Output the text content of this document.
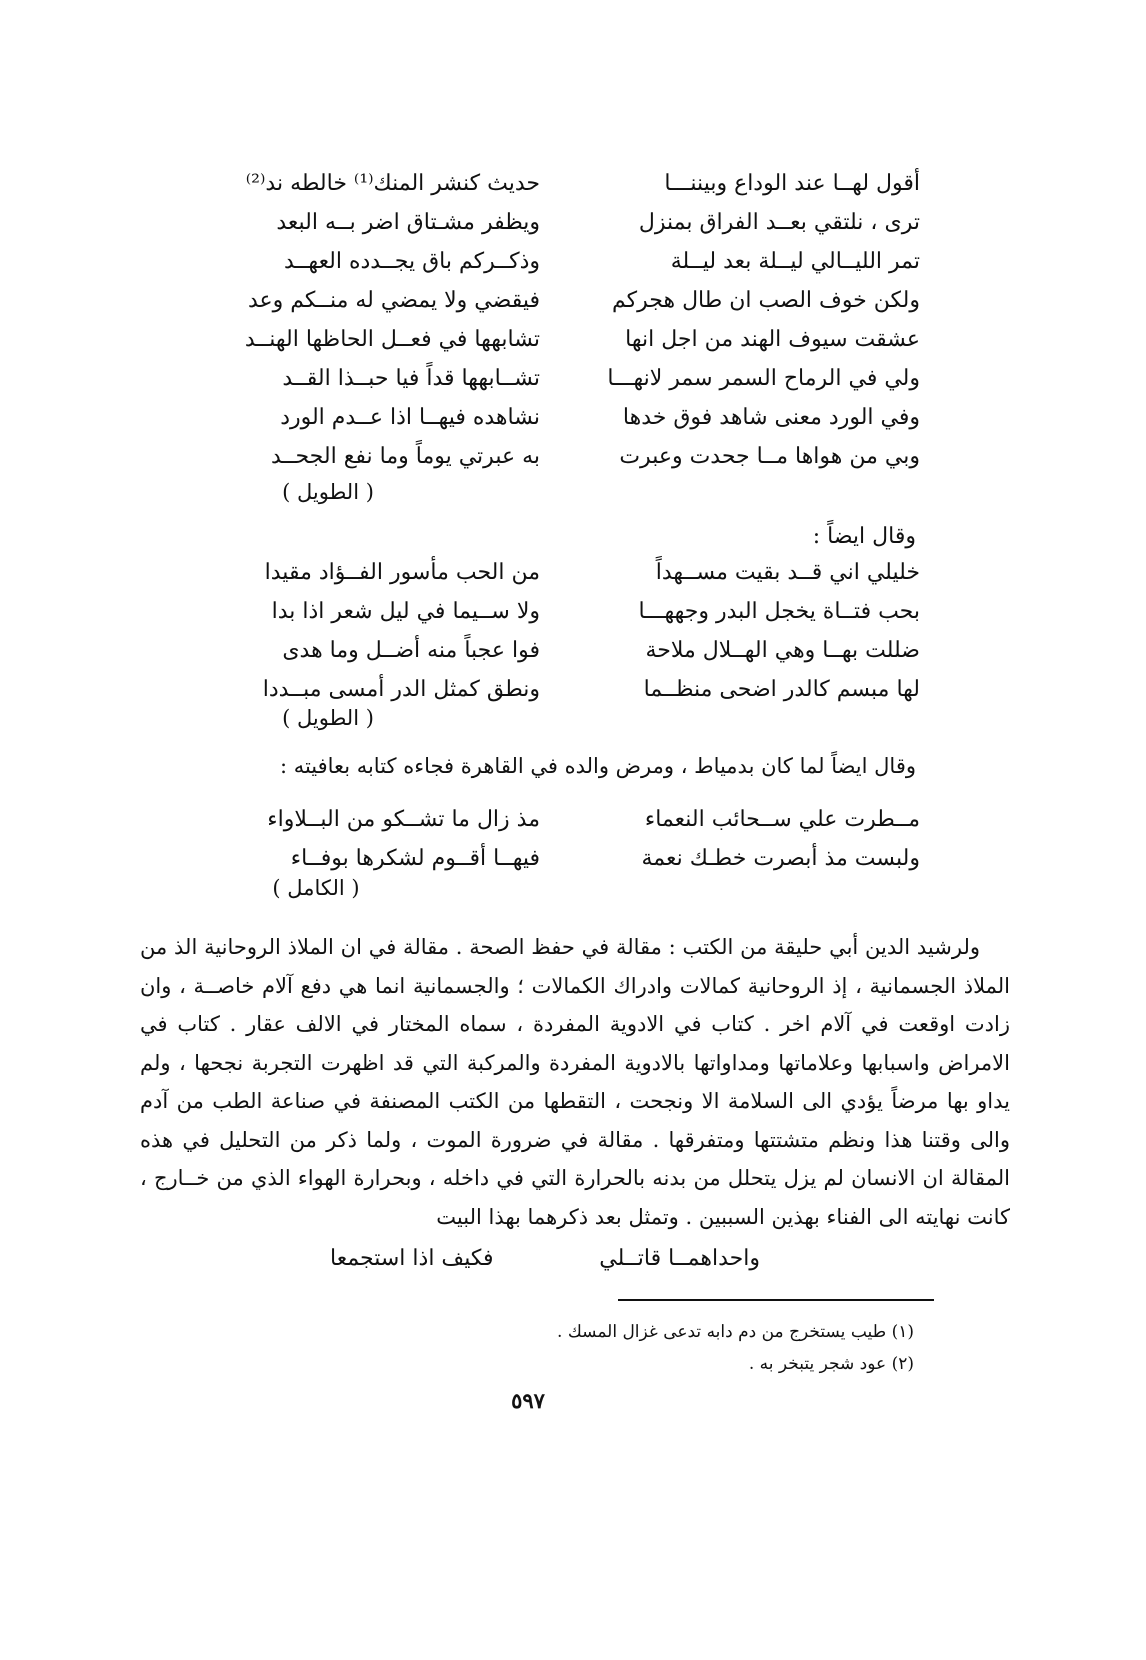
أقول لهــا عند الوداع وبيننـــا
حديث كنشر المنك⁽¹⁾ خالطه ند⁽²⁾
ترى ، نلتقي بعــد الفراق بمنزل
ويظفر مشـتاق اضر بــه البعد
تمر الليــالي ليــلة بعد ليــلة
وذكــركم باق يجــدده العهــد
ولكن خوف الصب ان طال هجركم
فيقضي ولا يمضي له منــكم وعد
عشقت سيوف الهند من اجل انها
تشابهها في فعــل الحاظها الهنــد
ولي في الرماح السمر سمر لانهـــا
تشــابهها قداً فيا حبــذا القــد
وفي الورد معنى شاهد فوق خدها
نشاهده فيهــا اذا عــدم الورد
وبي من هواها مــا جحدت وعبرت
به عبرتي يوماً وما نفع الجحــد
( الطويل )
وقال ايضاً :
خليلي اني قــد بقيت مســهداً
من الحب مأسور الفــؤاد مقيدا
بحب فتــاة يخجل البدر وجههـــا
ولا ســيما في ليل شعر اذا بدا
ضللت بهــا وهي الهــلال ملاحة
فوا عجباً منه أضــل وما هدى
لها مبسم كالدر اضحى منظــما
ونطق كمثل الدر أمسى مبــددا
( الطويل )
وقال ايضاً لما كان بدمياط ، ومرض والده في القاهرة فجاءه كتابه بعافيته :
مــطرت علي ســحائب النعماء
مذ زال ما تشــكو من البــلاواء
ولبست مذ أبصرت خطـك نعمة
فيهــا أقــوم لشكرها بوفــاء
( الكامل )

ولرشيد الدين أبي حليقة من الكتب : مقالة في حفظ الصحة . مقالة في ان الملاذ الروحانية الذ من الملاذ الجسمانية ، إذ الروحانية كمالات وادراك الكمالات ؛ والجسمانية انما هي دفع آلام خاصــة ، وان زادت اوقعت في آلام اخر . كتاب في الادوية المفردة ، سماه المختار في الالف عقار . كتاب في الامراض واسبابها وعلاماتها ومداواتها بالادوية المفردة والمركبة التي قد اظهرت التجربة نجحها ، ولم يداو بها مرضاً يؤدي الى السلامة الا ونجحت ، التقطها من الكتب المصنفة في صناعة الطب من آدم والى وقتنا هذا ونظم متشتتها ومتفرقها . مقالة في ضرورة الموت ، ولما ذكر من التحليل في هذه المقالة ان الانسان لم يزل يتحلل من بدنه بالحرارة التي في داخله ، وبحرارة الهواء الذي من خــارج ، كانت نهايته الى الفناء بهذين السببين . وتمثل بعد ذكرهما بهذا البيت

واحداهمــا قاتــلي
فكيف اذا استجمعا
(١) طيب يستخرج من دم دابه تدعى غزال المسك .
(٢) عود شجر يتبخر به .
٥٩٧
